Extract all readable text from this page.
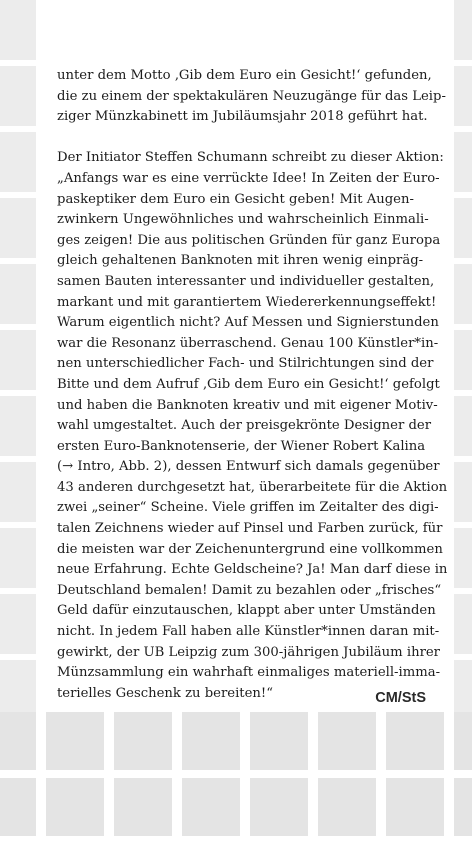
unter dem Motto ‚Gib dem Euro ein Gesicht!‘ gefunden,
die zu einem der spektakulären Neuzugänge für das Leip-
ziger Münzkabinett im Jubiläumsjahr 2018 geführt hat.
Der Initiator Steffen Schumann schreibt zu dieser Aktion:
„Anfangs war es eine verrückte Idee! In Zeiten der Euro-
paskeptiker dem Euro ein Gesicht geben! Mit Augen-
zwinkern Ungewöhnliches und wahrscheinlich Einmali-
ges zeigen! Die aus politischen Gründen für ganz Europa
gleich gehaltenen Banknoten mit ihren wenig einpräg-
samen Bauten interessanter und individueller gestalten,
markant und mit garantiertem Wiedererkennungseffekt!
Warum eigentlich nicht? Auf Messen und Signierstunden
war die Resonanz überraschend. Genau 100 Künstler*in-
nen unterschiedlicher Fach- und Stilrichtungen sind der
Bitte und dem Aufruf ‚Gib dem Euro ein Gesicht!‘ gefolgt
und haben die Banknoten kreativ und mit eigener Motiv-
wahl umgestaltet. Auch der preisgekrönte Designer der
ersten Euro-Banknotenserie, der Wiener Robert Kalina
(→ Intro, Abb. 2), dessen Entwurf sich damals gegenüber
43 anderen durchgesetzt hat, überarbeitete für die Aktion
zwei „seiner“ Scheine. Viele griffen im Zeitalter des digi-
talen Zeichnens wieder auf Pinsel und Farben zurück, für
die meisten war der Zeichenuntergrund eine vollkommen
neue Erfahrung. Echte Geldscheine? Ja! Man darf diese in
Deutschland bemalen! Damit zu bezahlen oder „frisches“
Geld dafür einzutauschen, klappt aber unter Umständen
nicht. In jedem Fall haben alle Künstler*innen daran mit-
gewirkt, der UB Leipzig zum 300-jährigen Jubiläum ihrer
Münzsammlung ein wahrhaft einmaliges materiell-imma-
terielles Geschenk zu bereiten!“	CM/StS
